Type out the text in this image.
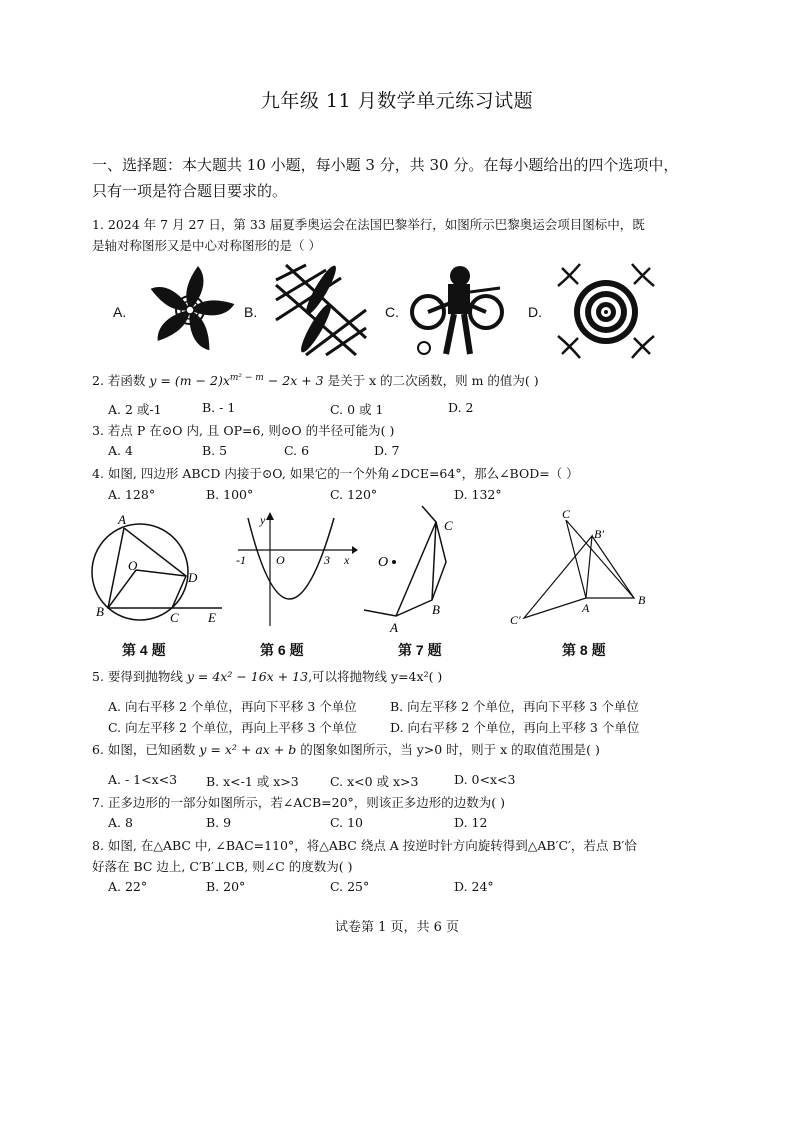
九年级 11 月数学单元练习试题
一、选择题：本大题共 10 小题，每小题 3 分，共 30 分。在每小题给出的四个选项中，
只有一项是符合题目要求的。
1. 2024 年 7 月 27 日，第 33 届夏季奥运会在法国巴黎举行，如图所示巴黎奥运会项目图标中，既
是轴对称图形又是中心对称图形的是（ ）
A.	B.	C.	D.
2. 若函数 $y = (m - 2)x^{m^2 - m} - 2x + 3$ 是关于 x 的二次函数，则 m 的值为( )
A. 2 或-1	B. - 1	C. 0 或 1	D. 2
3. 若点 P 在⊙O 内, 且 OP=6, 则⊙O 的半径可能为( )
A. 4	B. 5	C. 6	D. 7
4. 如图, 四边形 ABCD 内接于⊙O, 如果它的一个外角∠DCE=64°，那么∠BOD=（ ）
A. 128°	B. 100°	C. 120°	D. 132°
A
O
D
B	C E
y
-1	O	3 x
C
O
B
A
C
B′
A
B
C′
第 4 题	第 6 题	第 7 题	第 8 题
5. 要得到抛物线 y = 4x² − 16x + 13,可以将抛物线 y=4x²( )
A. 向右平移 2 个单位，再向下平移 3 个单位	B. 向左平移 2 个单位，再向下平移 3 个单位
C. 向左平移 2 个单位，再向上平移 3 个单位	D. 向右平移 2 个单位，再向上平移 3 个单位
6. 如图，已知函数 y = x² + ax + b 的图象如图所示，当 y>0 时，则于 x 的取值范围是( )
A. - 1<x<3 B. x<-1 或 x>3 C. x<0 或 x>3	D. 0<x<3
7. 正多边形的一部分如图所示，若∠ACB=20°，则该正多边形的边数为( )
A. 8	B. 9	C. 10	D. 12
8. 如图, 在△ABC 中, ∠BAC=110°，将△ABC 绕点 A 按逆时针方向旋转得到△AB′C′，若点 B′恰
好落在 BC 边上, C′B′⊥CB, 则∠C 的度数为( )
A. 22°	B. 20°	C. 25°	D. 24°
试卷第 1 页，共 6 页
